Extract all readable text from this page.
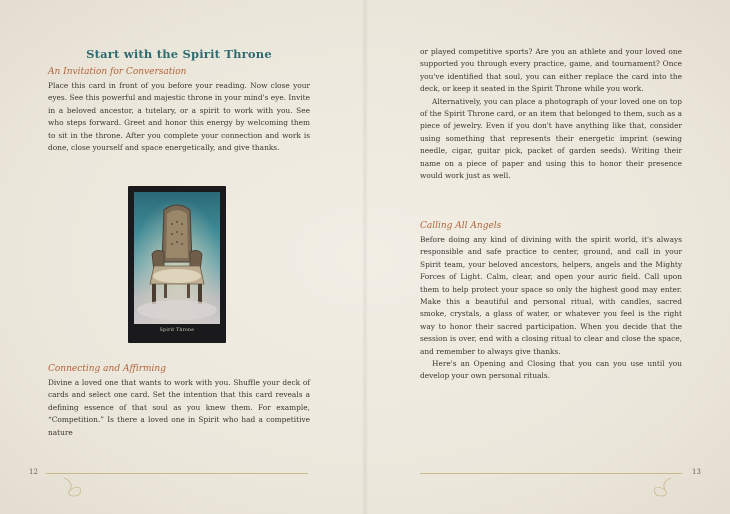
Start with the Spirit Throne
An Invitation for Conversation

Place this card in front of you before your reading. Now close your eyes. See this powerful and majestic throne in your mind's eye. Invite in a beloved ancestor, a tutelary, or a spirit to work with you. See who steps forward. Greet and honor this energy by welcoming them to sit in the throne. After you complete your connection and work is done, close yourself and space energetically, and give thanks.

Spirit Throne
Connecting and Affirming

Divine a loved one that wants to work with you. Shuffle your deck of cards and select one card. Set the intention that this card reveals a defining essence of that soul as you knew them. For example, “Competition.” Is there a loved one in Spirit who had a competitive nature

12

or played competitive sports? Are you an athlete and your loved one supported you through every practice, game, and tournament? Once you've identified that soul, you can either replace the card into the deck, or keep it seated in the Spirit Throne while you work.

Alternatively, you can place a photograph of your loved one on top of the Spirit Throne card, or an item that belonged to them, such as a piece of jewelry. Even if you don't have anything like that, consider using something that represents their energetic imprint (sewing needle, cigar, guitar pick, packet of garden seeds). Writing their name on a piece of paper and using this to honor their presence would work just as well.

Calling All Angels

Before doing any kind of divining with the spirit world, it's always responsible and safe practice to center, ground, and call in your Spirit team, your beloved ancestors, helpers, angels and the Mighty Forces of Light. Calm, clear, and open your auric field. Call upon them to help protect your space so only the highest good may enter. Make this a beautiful and personal ritual, with candles, sacred smoke, crystals, a glass of water, or whatever you feel is the right way to honor their sacred participation. When you decide that the session is over, end with a closing ritual to clear and close the space, and remember to always give thanks.

Here's an Opening and Closing that you can you use until you develop your own personal rituals.

13
